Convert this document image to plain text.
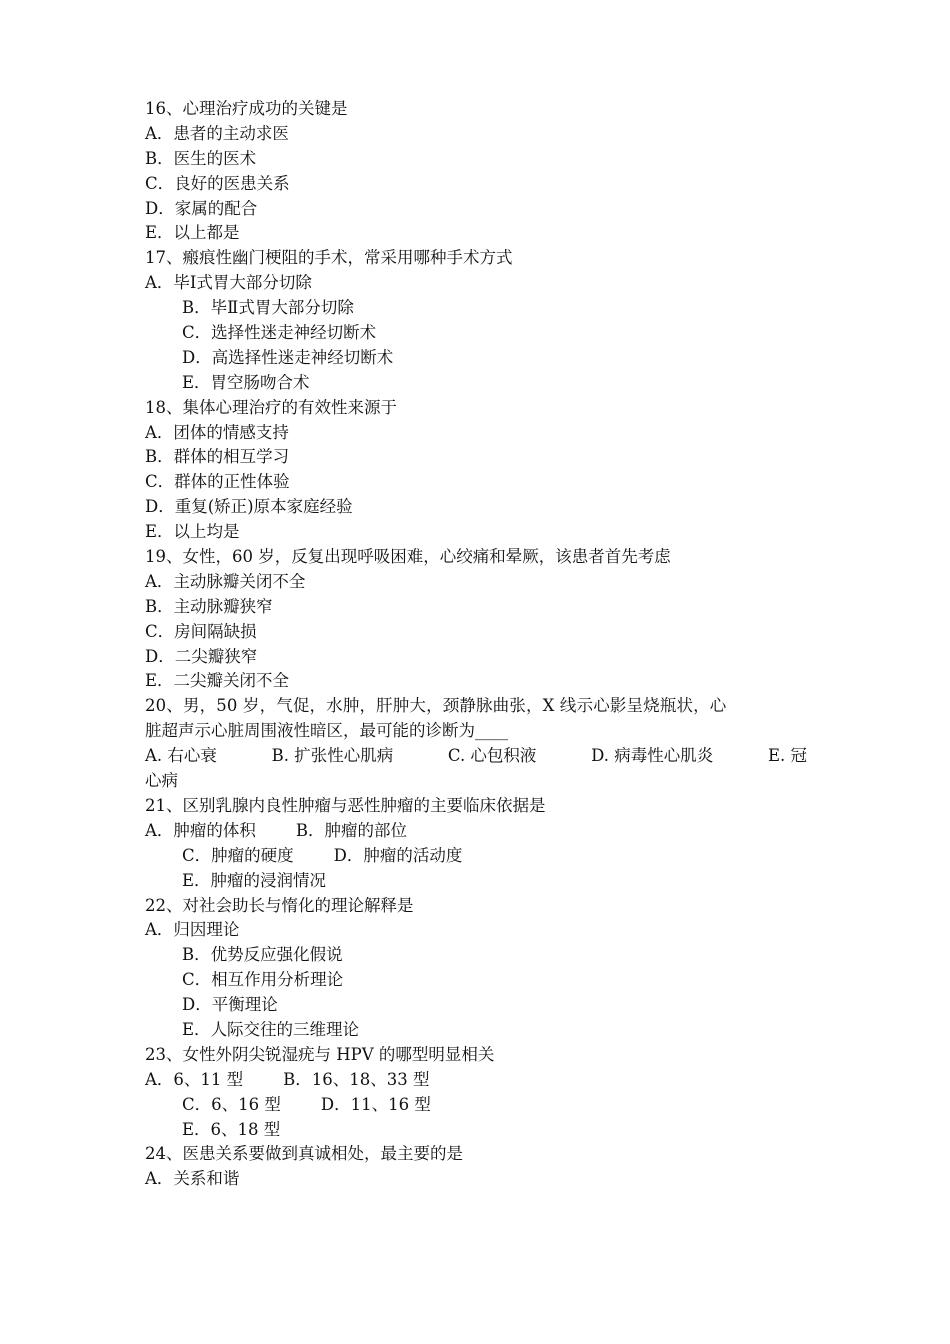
16、心理治疗成功的关键是
A．患者的主动求医
B．医生的医术
C．良好的医患关系
D．家属的配合
E．以上都是
17、瘢痕性幽门梗阻的手术，常采用哪种手术方式
A．毕Ⅰ式胃大部分切除
B．毕Ⅱ式胃大部分切除
C．选择性迷走神经切断术
D．高选择性迷走神经切断术
E．胃空肠吻合术
18、集体心理治疗的有效性来源于
A．团体的情感支持
B．群体的相互学习
C．群体的正性体验
D．重复(矫正)原本家庭经验
E．以上均是
19、女性，60 岁，反复出现呼吸困难，心绞痛和晕厥，该患者首先考虑
A．主动脉瓣关闭不全
B．主动脉瓣狭窄
C．房间隔缺损
D．二尖瓣狭窄
E．二尖瓣关闭不全
20、男，50 岁，气促，水肿，肝肿大，颈静脉曲张，X 线示心影呈烧瓶状，心
脏超声示心脏周围液性暗区，最可能的诊断为____
A. 右心衰	B. 扩张性心肌病	C. 心包积液	D. 病毒性心肌炎	E. 冠
心病
21、区别乳腺内良性肿瘤与恶性肿瘤的主要临床依据是
A．肿瘤的体积 B．肿瘤的部位
C．肿瘤的硬度 D．肿瘤的活动度
E．肿瘤的浸润情况
22、对社会助长与惰化的理论解释是
A．归因理论
B．优势反应强化假说
C．相互作用分析理论
D．平衡理论
E．人际交往的三维理论
23、女性外阴尖锐湿疣与 HPV 的哪型明显相关
A．6、11 型 B．16、18、33 型
C．6、16 型 D．11、16 型
E．6、18 型
24、医患关系要做到真诚相处，最主要的是
A．关系和谐
